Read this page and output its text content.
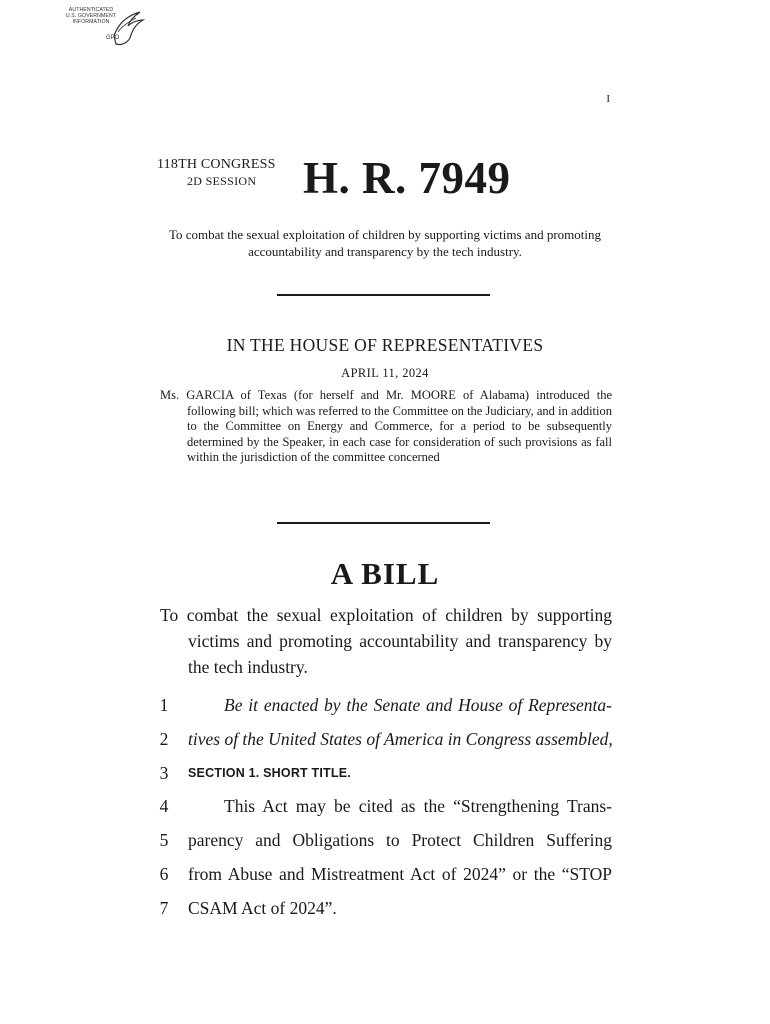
AUTHENTICATED
U.S. GOVERNMENT
INFORMATION
GPO
I
118TH CONGRESS
2D SESSION	H. R. 7949
To combat the sexual exploitation of children by supporting victims and promoting accountability and transparency by the tech industry.
IN THE HOUSE OF REPRESENTATIVES
APRIL 11, 2024
Ms. GARCIA of Texas (for herself and Mr. MOORE of Alabama) introduced the following bill; which was referred to the Committee on the Judiciary, and in addition to the Committee on Energy and Commerce, for a period to be subsequently determined by the Speaker, in each case for consideration of such provisions as fall within the jurisdiction of the committee concerned
A BILL
To combat the sexual exploitation of children by supporting victims and promoting accountability and transparency by the tech industry.
1	Be it enacted by the Senate and House of Representa-
2	tives of the United States of America in Congress assembled,
3	SECTION 1. SHORT TITLE.
4	This Act may be cited as the “Strengthening Trans-
5	parency and Obligations to Protect Children Suffering
6	from Abuse and Mistreatment Act of 2024” or the “STOP
7	CSAM Act of 2024”.
